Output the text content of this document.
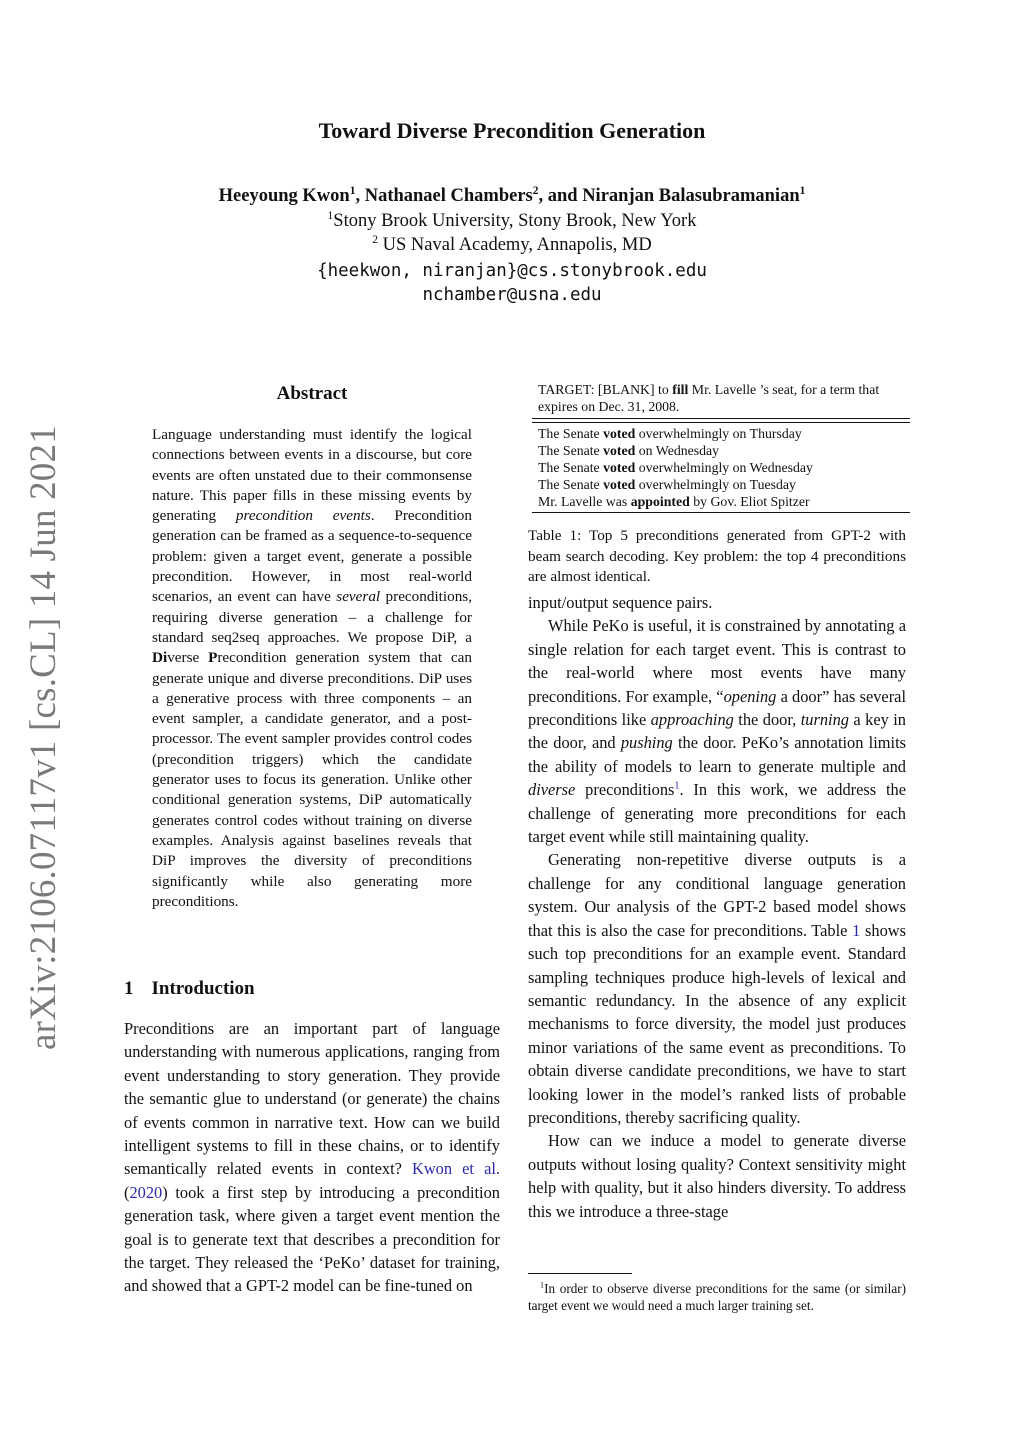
arXiv:2106.07117v1 [cs.CL] 14 Jun 2021
Toward Diverse Precondition Generation
Heeyoung Kwon$^1$, Nathanael Chambers$^2$, and Niranjan Balasubramanian$^1$
$^1$Stony Brook University, Stony Brook, New York
$^2$ US Naval Academy, Annapolis, MD
{heekwon, niranjan}@cs.stonybrook.edu
nchamber@usna.edu
Abstract
Language understanding must identify the logical connections between events in a discourse, but core events are often unstated due to their commonsense nature. This paper fills in these missing events by generating precondition events. Precondition generation can be framed as a sequence-to-sequence problem: given a target event, generate a possible precondition. However, in most real-world scenarios, an event can have several preconditions, requiring diverse generation – a challenge for standard seq2seq approaches. We propose DiP, a Diverse Precondition generation system that can generate unique and diverse preconditions. DiP uses a generative process with three components – an event sampler, a candidate generator, and a post-processor. The event sampler provides control codes (precondition triggers) which the candidate generator uses to focus its generation. Unlike other conditional generation systems, DiP automatically generates control codes without training on diverse examples. Analysis against baselines reveals that DiP improves the diversity of preconditions significantly while also generating more preconditions.
1 Introduction
Preconditions are an important part of language understanding with numerous applications, ranging from event understanding to story generation. They provide the semantic glue to understand (or generate) the chains of events common in narrative text. How can we build intelligent systems to fill in these chains, or to identify semantically related events in context? Kwon et al. (2020) took a first step by introducing a precondition generation task, where given a target event mention the goal is to generate text that describes a precondition for the target. They released the ‘PeKo’ dataset for training, and showed that a GPT-2 model can be fine-tuned on
TARGET: [BLANK] to fill Mr. Lavelle ’s seat, for a term that expires on Dec. 31, 2008.
The Senate voted overwhelmingly on Thursday
The Senate voted on Wednesday
The Senate voted overwhelmingly on Wednesday
The Senate voted overwhelmingly on Tuesday
Mr. Lavelle was appointed by Gov. Eliot Spitzer
Table 1: Top 5 preconditions generated from GPT-2 with beam search decoding. Key problem: the top 4 preconditions are almost identical.

input/output sequence pairs.

While PeKo is useful, it is constrained by annotating a single relation for each target event. This is contrast to the real-world where most events have many preconditions. For example, “opening a door” has several preconditions like approaching the door, turning a key in the door, and pushing the door. PeKo’s annotation limits the ability of models to learn to generate multiple and diverse preconditions$^1$. In this work, we address the challenge of generating more preconditions for each target event while still maintaining quality.

Generating non-repetitive diverse outputs is a challenge for any conditional language generation system. Our analysis of the GPT-2 based model shows that this is also the case for preconditions. Table 1 shows such top preconditions for an example event. Standard sampling techniques produce high-levels of lexical and semantic redundancy. In the absence of any explicit mechanisms to force diversity, the model just produces minor variations of the same event as preconditions. To obtain diverse candidate preconditions, we have to start looking lower in the model’s ranked lists of probable preconditions, thereby sacrificing quality.

How can we induce a model to generate diverse outputs without losing quality? Context sensitivity might help with quality, but it also hinders diversity. To address this we introduce a three-stage

$^1$In order to observe diverse preconditions for the same (or similar) target event we would need a much larger training set.
